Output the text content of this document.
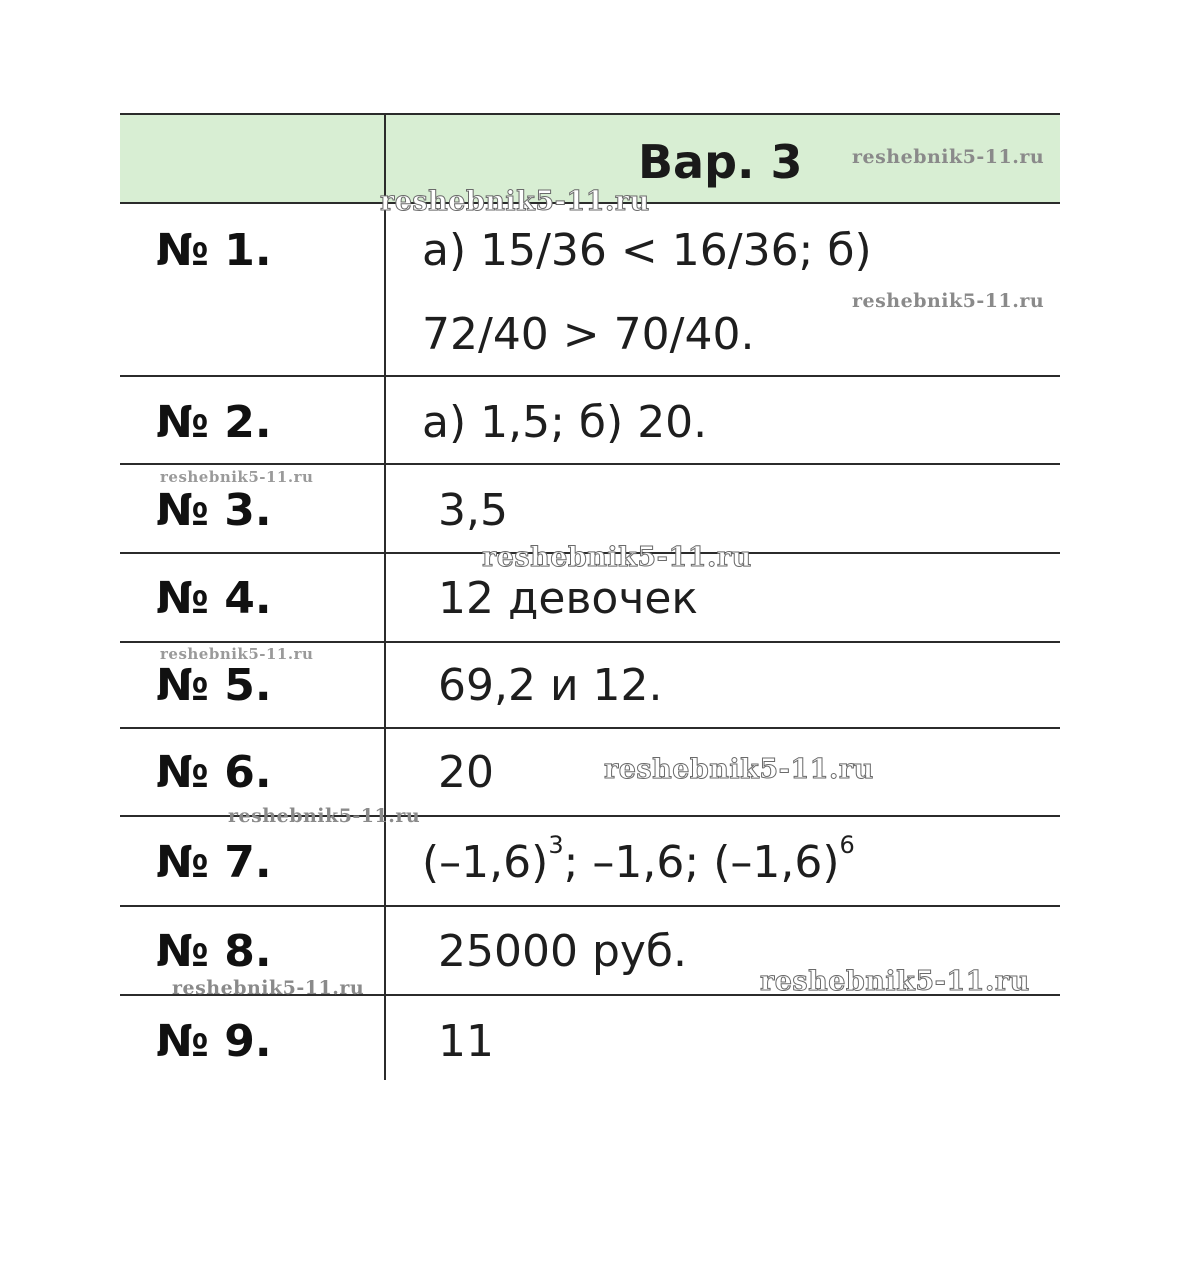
Вар. 3
№ 1.	а) 15/36 < 16/36; б)
72/40 > 70/40.
№ 2.	а) 1,5; б) 20.
№ 3.	3,5
№ 4.	12 девочек
№ 5.	69,2 и 12.
№ 6.	20
№ 7.	$(-1,6)^3$; –1,6; $(-1,6)^6$
№ 8.	25000 руб.
№ 9.	11
reshebnik5-11.ru
reshebnik5-11.ru
reshebnik5-11.ru
reshebnik5-11.ru
reshebnik5-11.ru
reshebnik5-11.ru
reshebnik5-11.ru
reshebnik5-11.ru
reshebnik5-11.ru	reshebnik5-11.ru
